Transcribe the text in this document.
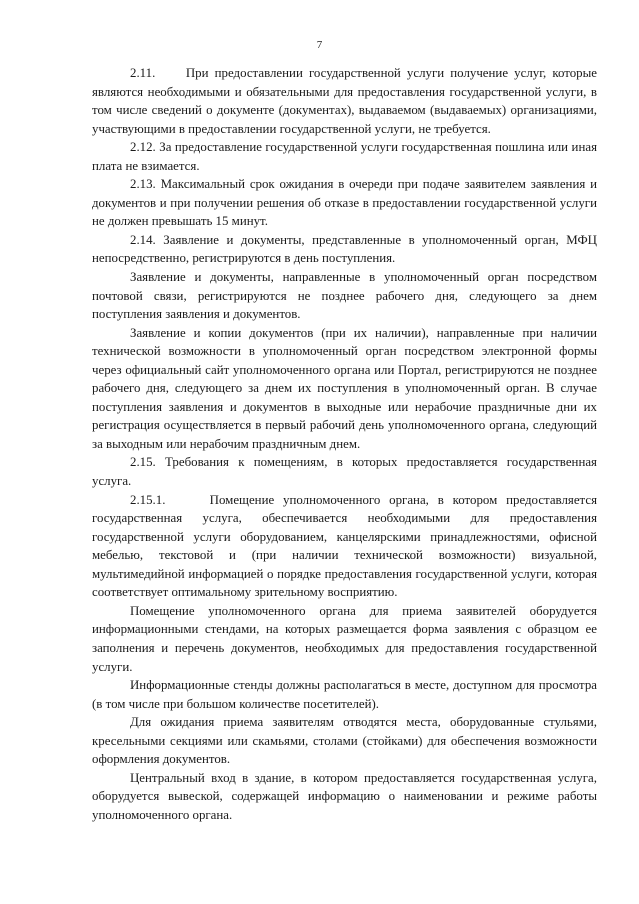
7

2.11.     При предоставлении государственной услуги получение услуг, которые являются необходимыми и обязательными для предоставления государственной услуги, в том числе сведений о документе (документах), выдаваемом (выдаваемых) организациями, участвующими в предоставлении государственной услуги, не требуется.

2.12. За предоставление государственной услуги государственная пошлина или иная плата не взимается.

2.13. Максимальный срок ожидания в очереди при подаче заявителем заявления и документов и при получении решения об отказе в предоставлении государственной услуги не должен превышать 15 минут.

2.14. Заявление и документы, представленные в уполномоченный орган, МФЦ непосредственно, регистрируются в день поступления.

Заявление и документы, направленные в уполномоченный орган посредством почтовой связи, регистрируются не позднее рабочего дня, следующего за днем поступления заявления и документов.

Заявление и копии документов (при их наличии), направленные при наличии технической возможности в уполномоченный орган посредством электронной формы через официальный сайт уполномоченного органа или Портал, регистрируются не позднее рабочего дня, следующего за днем их поступления в уполномоченный орган. В случае поступления заявления и документов в выходные или нерабочие праздничные дни их регистрация осуществляется в первый рабочий день уполномоченного органа, следующий за выходным или нерабочим праздничным днем.

2.15. Требования к помещениям, в которых предоставляется государственная услуга.

2.15.1.     Помещение уполномоченного органа, в котором предоставляется государственная услуга, обеспечивается необходимыми для предоставления государственной услуги оборудованием, канцелярскими принадлежностями, офисной мебелью, текстовой и (при наличии технической возможности) визуальной, мультимедийной информацией о порядке предоставления государственной услуги, которая соответствует оптимальному зрительному восприятию.

Помещение уполномоченного органа для приема заявителей оборудуется информационными стендами, на которых размещается форма заявления с образцом ее заполнения и перечень документов, необходимых для предоставления государственной услуги.

Информационные стенды должны располагаться в месте, доступном для просмотра (в том числе при большом количестве посетителей).

Для ожидания приема заявителям отводятся места, оборудованные стульями, кресельными секциями или скамьями, столами (стойками) для обеспечения возможности оформления документов.

Центральный вход в здание, в котором предоставляется государственная услуга, оборудуется вывеской, содержащей информацию о наименовании и режиме работы уполномоченного органа.
